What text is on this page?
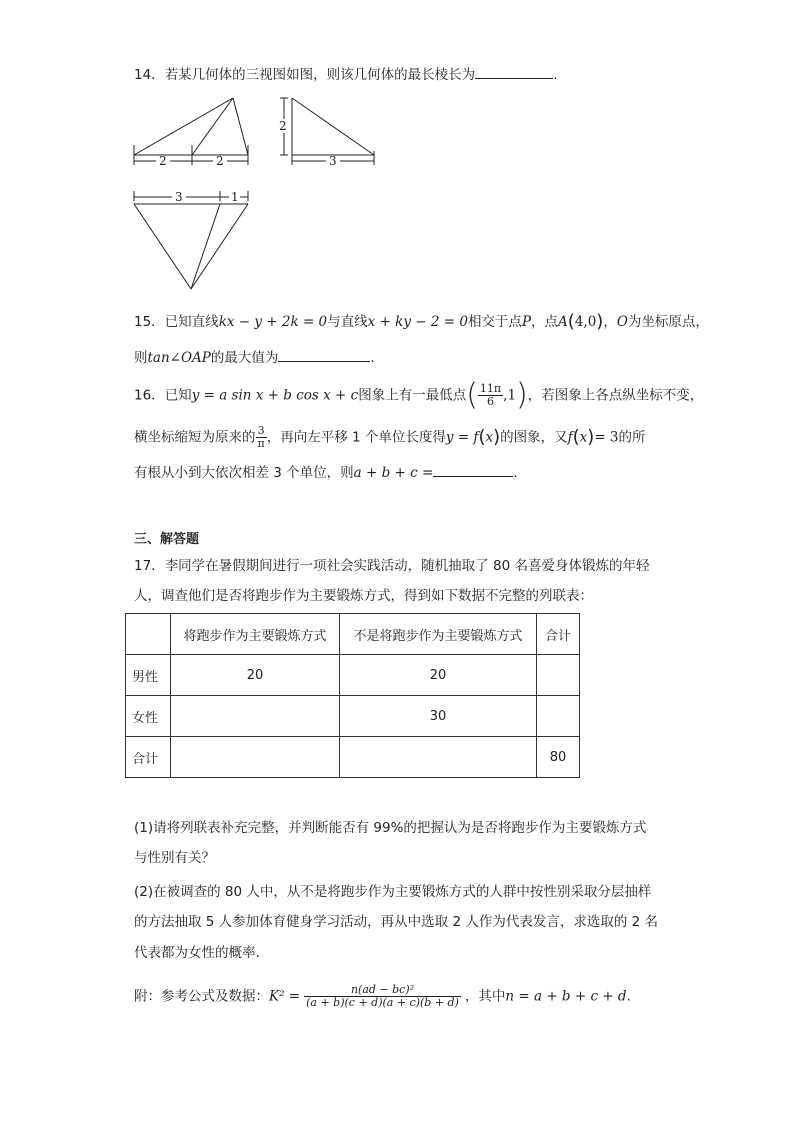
14．若某几何体的三视图如图，则该几何体的最长棱长为	.
2	2
2
3
3	1
15．已知直线kx − y + 2k = 0与直线x + ky − 2 = 0相交于点P，点A(4,0)，O为坐标原点，
则tan∠OAP的最大值为	.
16．已知y = a sin x + b cos x + c图象上有一最低点( $\frac{11\pi}{6} ,1$)，若图象上各点纵坐标不变，
横坐标缩短为原来的 $\frac{3}{\pi}$ ，再向左平移 1 个单位长度得y = f(x)的图象，又f(x)= 3的所
有根从小到大依次相差 3 个单位，则a + b + c =	.
三、解答题
17．李同学在暑假期间进行一项社会实践活动，随机抽取了 80 名喜爱身体锻炼的年轻
人，调查他们是否将跑步作为主要锻炼方式，得到如下数据不完整的列联表：
	将跑步作为主要锻炼方式	不是将跑步作为主要锻炼方式	合计
男性	20	20	
女性		30	
合计			80
(1)请将列联表补充完整，并判断能否有 99%的把握认为是否将跑步作为主要锻炼方式
与性别有关？
(2)在被调查的 80 人中，从不是将跑步作为主要锻炼方式的人群中按性别采取分层抽样
的方法抽取 5 人参加体育健身学习活动，再从中选取 2 人作为代表发言，求选取的 2 名
代表都为女性的概率.
附：参考公式及数据：$K^2 = \frac{\text{n(ad − bc)²}}{(a + b)(c + d)(a + c)(b + d)}$ ，其中n = a + b + c + d.
